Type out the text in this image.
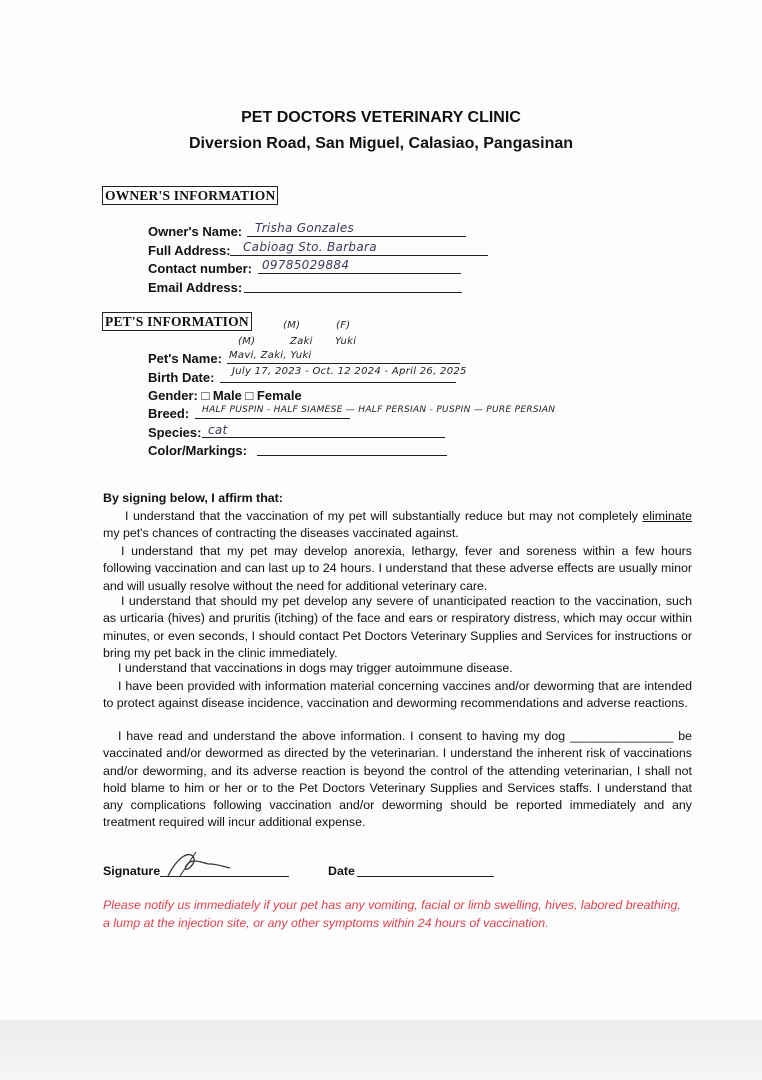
PET DOCTORS VETERINARY CLINIC
Diversion Road, San Miguel, Calasiao, Pangasinan
OWNER'S INFORMATION
Owner's Name: Trisha Gonzales
Full Address: Cabioag Sto. Barbara
Contact number: 09785029884
Email Address:
PET'S INFORMATION	(M)
(M)
(F)
Zaki Yuki
Pet's Name: Mavi, Zaki, Yuki
Birth Date: July 17, 2023 - Oct. 12 2024 - April 26, 2025
Gender: □ Male □ Female
Breed: HALF PUSPIN - HALF SIAMESE — HALF PERSIAN - PUSPIN — PURE PERSIAN
Species: cat
Color/Markings:
By signing below, I affirm that:
I understand that the vaccination of my pet will substantially reduce but may not completely eliminate my pet's chances of contracting the diseases vaccinated against.
I understand that my pet may develop anorexia, lethargy, fever and soreness within a few hours following vaccination and can last up to 24 hours. I understand that these adverse effects are usually minor and will usually resolve without the need for additional veterinary care.
I understand that should my pet develop any severe of unanticipated reaction to the vaccination, such as urticaria (hives) and pruritis (itching) of the face and ears or respiratory distress, which may occur within minutes, or even seconds, I should contact Pet Doctors Veterinary Supplies and Services for instructions or bring my pet back in the clinic immediately.
I understand that vaccinations in dogs may trigger autoimmune disease.
I have been provided with information material concerning vaccines and/or deworming that are intended to protect against disease incidence, vaccination and deworming recommendations and adverse reactions.
I have read and understand the above information. I consent to having my dog _______________ be vaccinated and/or dewormed as directed by the veterinarian. I understand the inherent risk of vaccinations and/or deworming, and its adverse reaction is beyond the control of the attending veterinarian, I shall not hold blame to him or her or to the Pet Doctors Veterinary Supplies and Services staffs. I understand that any complications following vaccination and/or deworming should be reported immediately and any treatment required will incur additional expense.
Signature	Date
Please notify us immediately if your pet has any vomiting, facial or limb swelling, hives, labored breathing, a lump at the injection site, or any other symptoms within 24 hours of vaccination.
